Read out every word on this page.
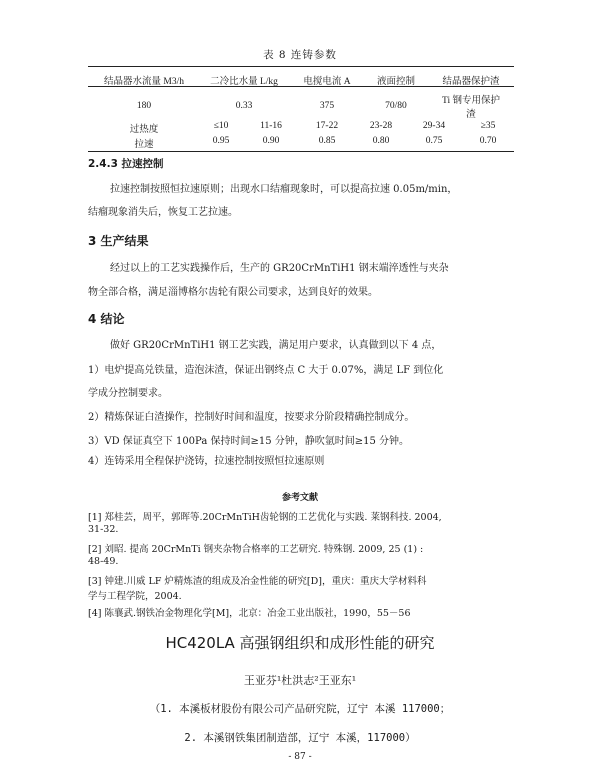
表 8 连铸参数
结晶器水流量 M3/h	二冷比水量 L/kg	电搅电流 A	液面控制	结晶器保护渣
180	0.33	375	70/80	Ti 钢专用保护
渣
过热度	≤10	11-16	17-22	23-28	29-34	≥35
拉速	0.95	0.90	0.85	0.80	0.75	0.70
2.4.3 拉速控制
拉速控制按照恒拉速原则；出现水口结瘤现象时，可以提高拉速 0.05m/min，
结瘤现象消失后，恢复工艺拉速。
3 生产结果
经过以上的工艺实践操作后，生产的 GR20CrMnTiH1 钢末端淬透性与夹杂
物全部合格，满足淄博格尔齿轮有限公司要求，达到良好的效果。
4 结论
做好 GR20CrMnTiH1 钢工艺实践，满足用户要求，认真做到以下 4 点，
1）电炉提高兑铁量，造泡沫渣，保证出钢终点 C 大于 0.07%，满足 LF 到位化
学成分控制要求。
2）精炼保证白渣操作，控制好时间和温度，按要求分阶段精确控制成分。
3）VD 保证真空下 100Pa 保持时间≥15 分钟，静吹氩时间≥15 分钟。
4）连铸采用全程保护浇铸，拉速控制按照恒拉速原则
参考文献
[1] 郑桂芸，周平，郭晖等.20CrMnTiH齿轮钢的工艺优化与实践. 莱钢科技. 2004,
31-32.
[2] 刘昭. 提高 20CrMnTi 钢夹杂物合格率的工艺研究. 特殊钢. 2009, 25 (1) :
48-49.
[3] 钟建.川威 LF 炉精炼渣的组成及冶金性能的研究[D]，重庆：重庆大学材料科
学与工程学院，2004.
[4] 陈襄武.钢铁冶金物理化学[M]，北京：冶金工业出版社，1990，55－56
HC420LA 高强钢组织和成形性能的研究
王亚芬¹杜洪志²王亚东¹
（1. 本溪板材股份有限公司产品研究院，辽宁 本溪 117000；
2. 本溪钢铁集团制造部，辽宁 本溪，117000）
- 87 -
